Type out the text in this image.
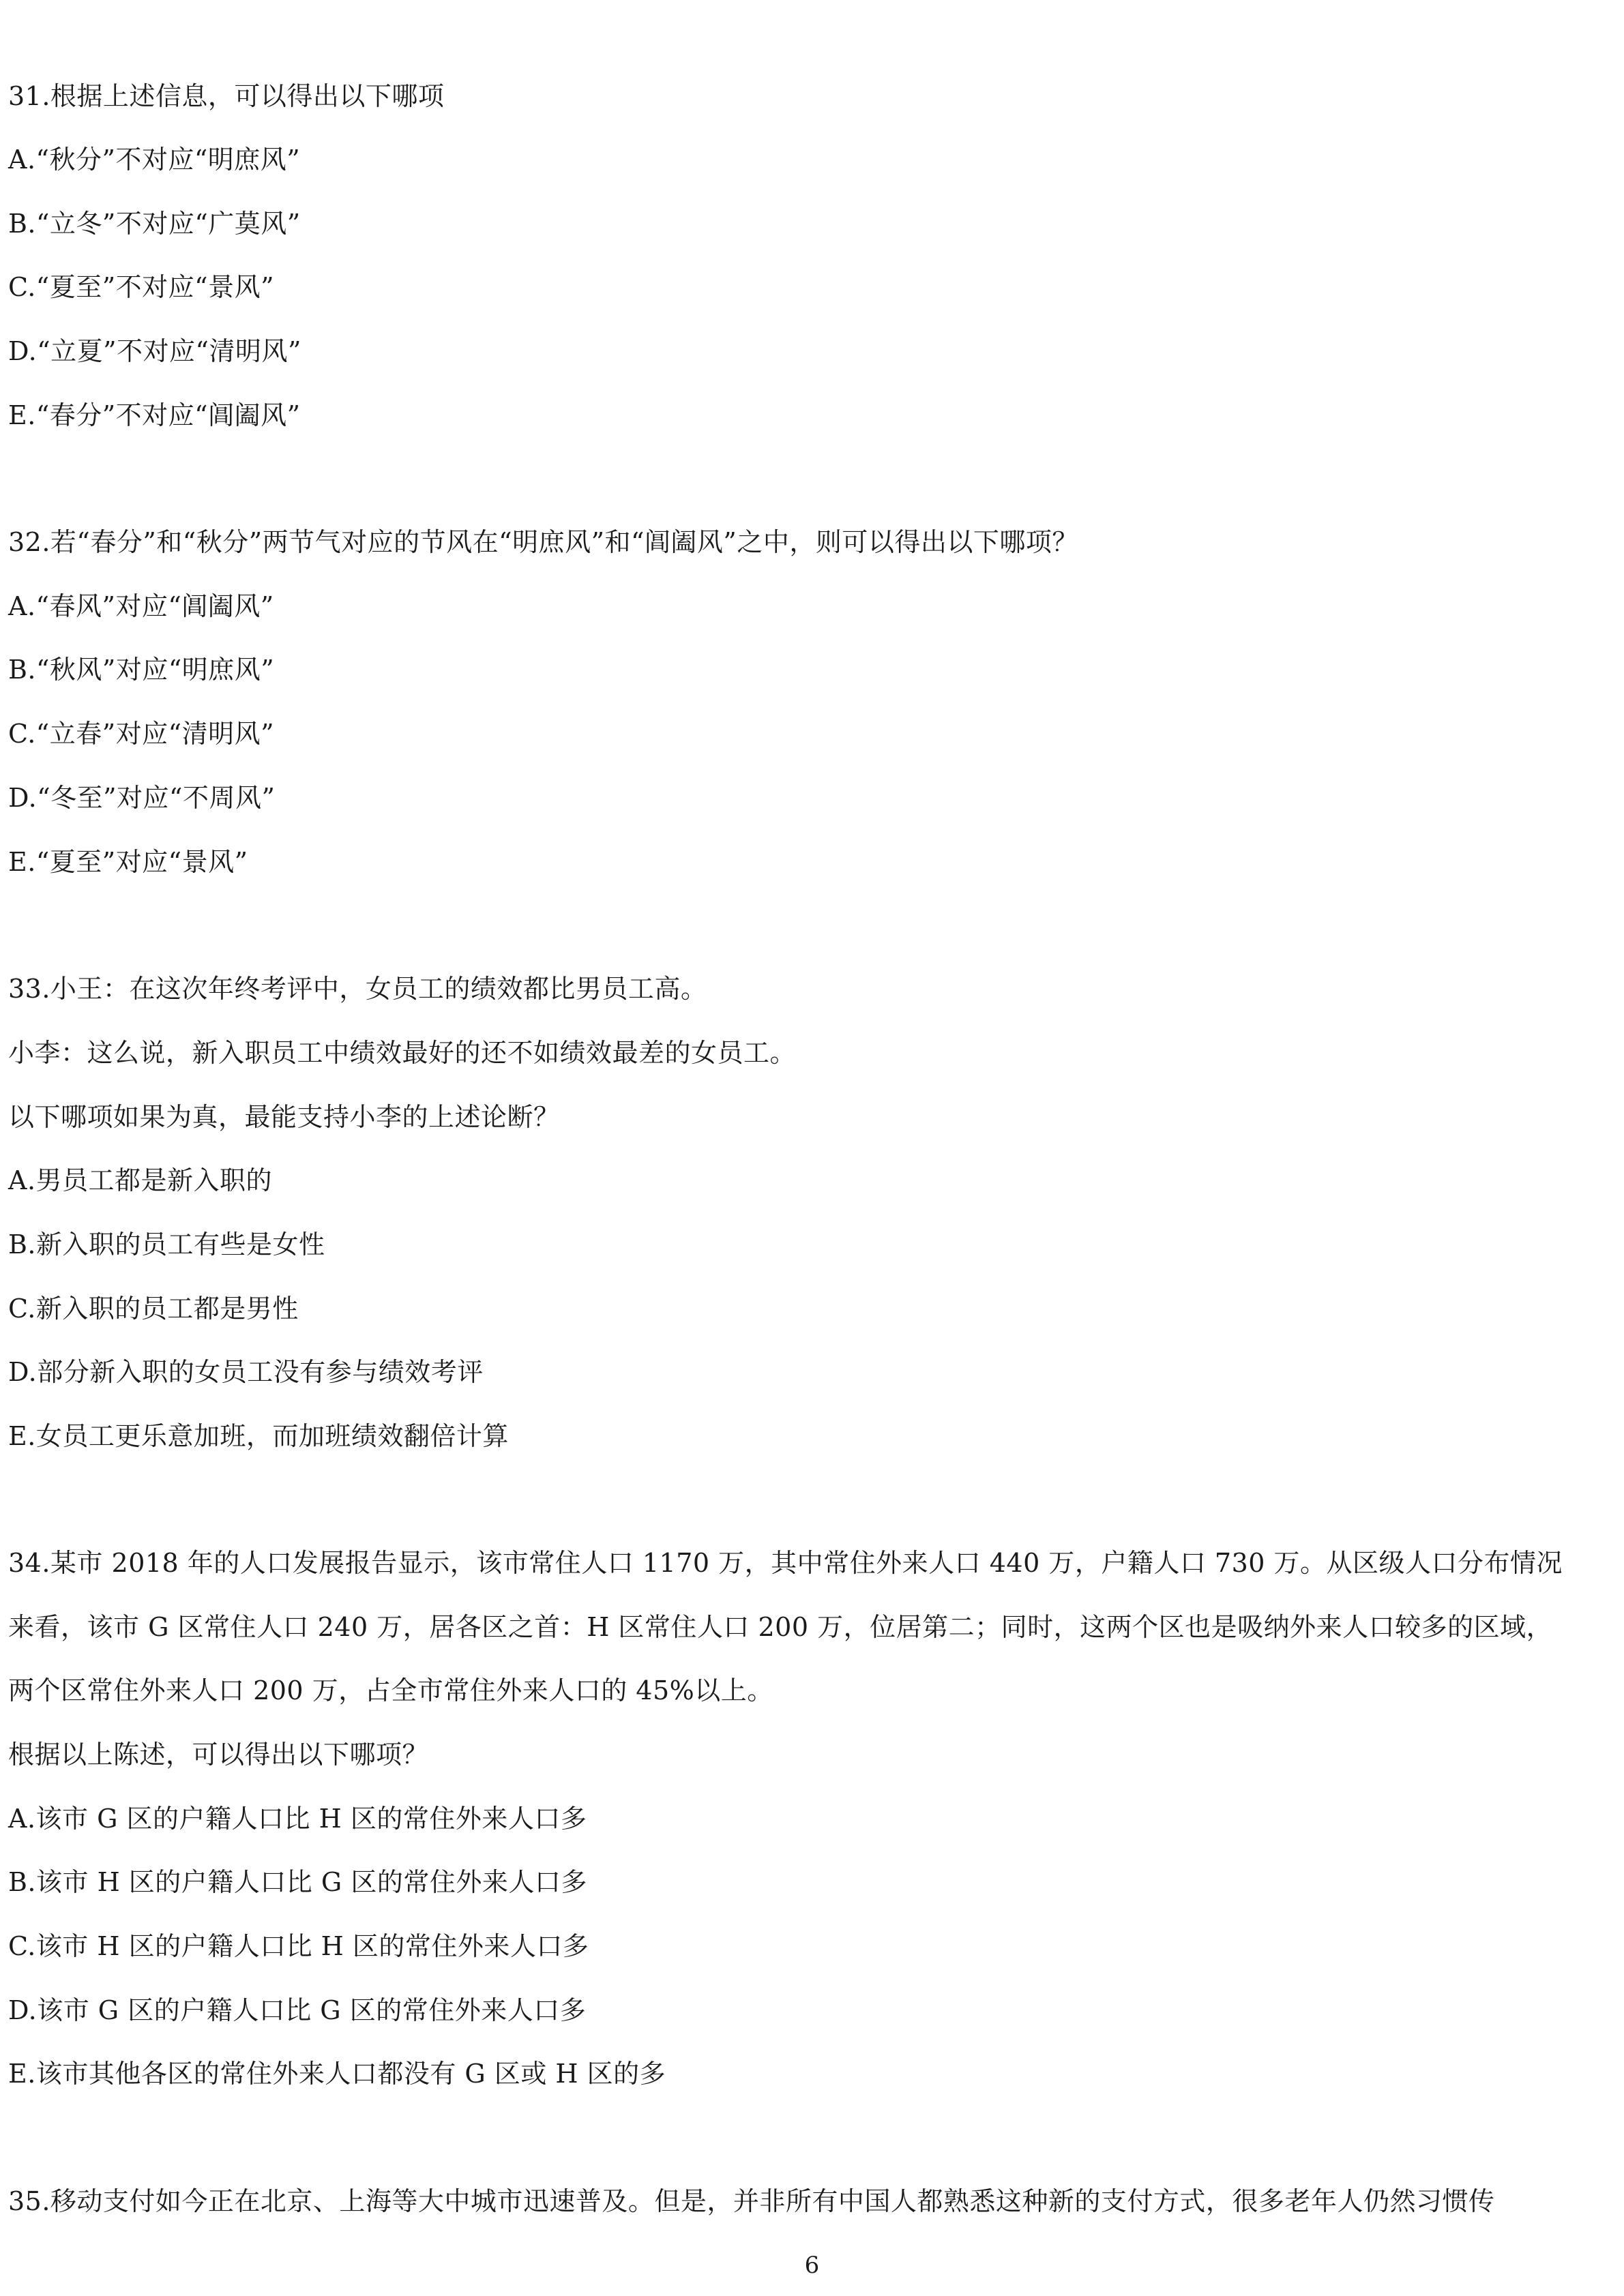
31.根据上述信息，可以得出以下哪项
A.“秋分”不对应“明庶风”
B.“立冬”不对应“广莫风”
C.“夏至”不对应“景风”
D.“立夏”不对应“清明风”
E.“春分”不对应“阊阖风”
32.若“春分”和“秋分”两节气对应的节风在“明庶风”和“阊阖风”之中，则可以得出以下哪项？
A.“春风”对应“阊阖风”
B.“秋风”对应“明庶风”
C.“立春”对应“清明风”
D.“冬至”对应“不周风”
E.“夏至”对应“景风”
33.小王：在这次年终考评中，女员工的绩效都比男员工高。
小李：这么说，新入职员工中绩效最好的还不如绩效最差的女员工。
以下哪项如果为真，最能支持小李的上述论断？
A.男员工都是新入职的
B.新入职的员工有些是女性
C.新入职的员工都是男性
D.部分新入职的女员工没有参与绩效考评
E.女员工更乐意加班，而加班绩效翻倍计算
34.某市 2018 年的人口发展报告显示，该市常住人口 1170 万，其中常住外来人口 440 万，户籍人口 730 万。从区级人口分布情况
来看，该市 G 区常住人口 240 万，居各区之首：H 区常住人口 200 万，位居第二；同时，这两个区也是吸纳外来人口较多的区域，
两个区常住外来人口 200 万，占全市常住外来人口的 45%以上。
根据以上陈述，可以得出以下哪项？
A.该市 G 区的户籍人口比 H 区的常住外来人口多
B.该市 H 区的户籍人口比 G 区的常住外来人口多
C.该市 H 区的户籍人口比 H 区的常住外来人口多
D.该市 G 区的户籍人口比 G 区的常住外来人口多
E.该市其他各区的常住外来人口都没有 G 区或 H 区的多
35.移动支付如今正在北京、上海等大中城市迅速普及。但是，并非所有中国人都熟悉这种新的支付方式，很多老年人仍然习惯传
6
